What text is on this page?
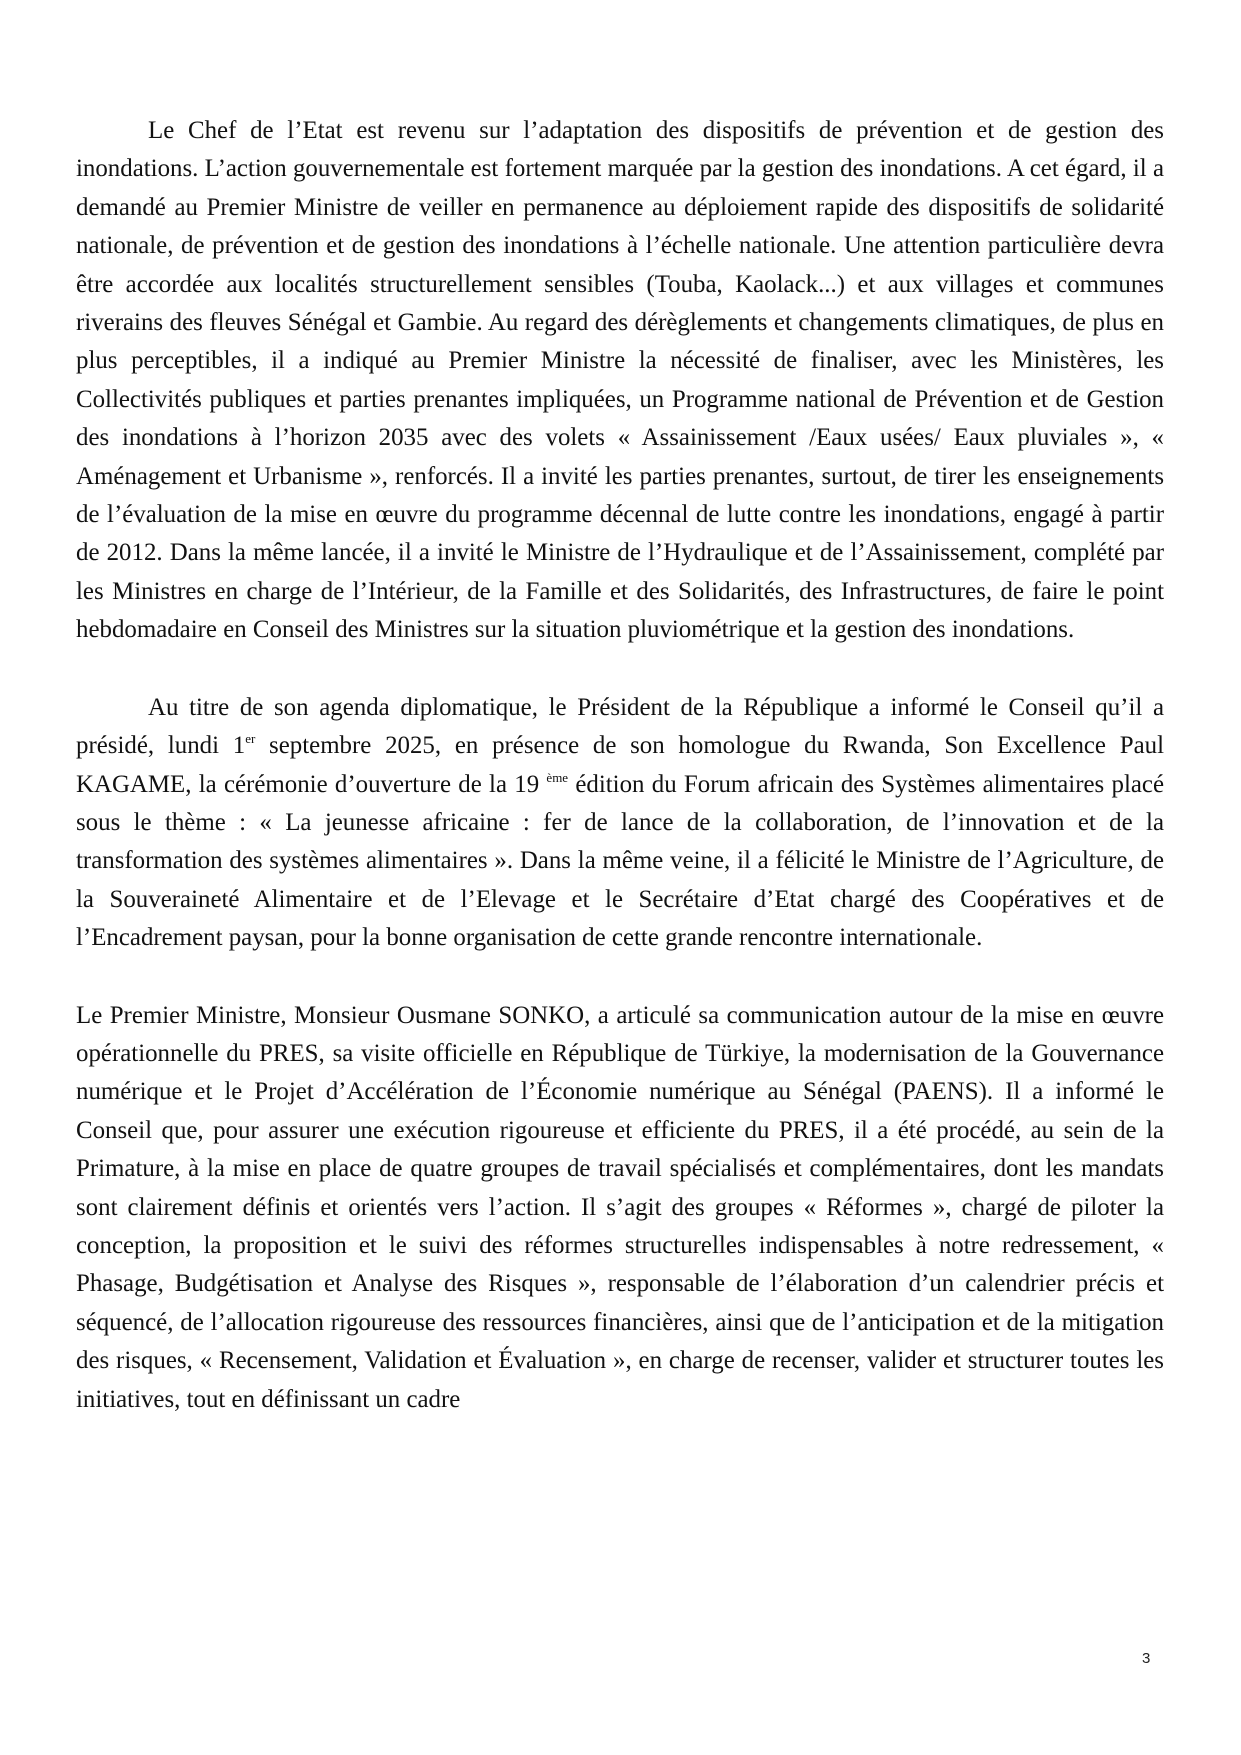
Le Chef de l’Etat est revenu sur l’adaptation des dispositifs de prévention et de gestion des inondations. L’action gouvernementale est fortement marquée par la gestion des inondations. A cet égard, il a demandé au Premier Ministre de veiller en permanence au déploiement rapide des dispositifs de solidarité nationale, de prévention et de gestion des inondations à l’échelle nationale. Une attention particulière devra être accordée aux localités structurellement sensibles (Touba, Kaolack...) et aux villages et communes riverains des fleuves Sénégal et Gambie. Au regard des dérèglements et changements climatiques, de plus en plus perceptibles, il a indiqué au Premier Ministre la nécessité de finaliser, avec les Ministères, les Collectivités publiques et parties prenantes impliquées, un Programme national de Prévention et de Gestion des inondations à l’horizon 2035 avec des volets « Assainissement /Eaux usées/ Eaux pluviales », « Aménagement et Urbanisme », renforcés. Il a invité les parties prenantes, surtout, de tirer les enseignements de l’évaluation de la mise en œuvre du programme décennal de lutte contre les inondations, engagé à partir de 2012. Dans la même lancée, il a invité le Ministre de l’Hydraulique et de l’Assainissement, complété par les Ministres en charge de l’Intérieur, de la Famille et des Solidarités, des Infrastructures, de faire le point hebdomadaire en Conseil des Ministres sur la situation pluviométrique et la gestion des inondations.

Au titre de son agenda diplomatique, le Président de la République a informé le Conseil qu’il a présidé, lundi 1er septembre 2025, en présence de son homologue du Rwanda, Son Excellence Paul KAGAME, la cérémonie d’ouverture de la 19 $^{ème}$ édition du Forum africain des Systèmes alimentaires placé sous le thème : « La jeunesse africaine : fer de lance de la collaboration, de l’innovation et de la transformation des systèmes alimentaires ». Dans la même veine, il a félicité le Ministre de l’Agriculture, de la Souveraineté Alimentaire et de l’Elevage et le Secrétaire d’Etat chargé des Coopératives et de l’Encadrement paysan, pour la bonne organisation de cette grande rencontre internationale.

Le Premier Ministre, Monsieur Ousmane SONKO, a articulé sa communication autour de la mise en œuvre opérationnelle du PRES, sa visite officielle en République de Türkiye, la modernisation de la Gouvernance numérique et le Projet d’Accélération de l’Économie numérique au Sénégal (PAENS). Il a informé le Conseil que, pour assurer une exécution rigoureuse et efficiente du PRES, il a été procédé, au sein de la Primature, à la mise en place de quatre groupes de travail spécialisés et complémentaires, dont les mandats sont clairement définis et orientés vers l’action. Il s’agit des groupes « Réformes », chargé de piloter la conception, la proposition et le suivi des réformes structurelles indispensables à notre redressement, « Phasage, Budgétisation et Analyse des Risques », responsable de l’élaboration d’un calendrier précis et séquencé, de l’allocation rigoureuse des ressources financières, ainsi que de l’anticipation et de la mitigation des risques, « Recensement, Validation et Évaluation », en charge de recenser, valider et structurer toutes les initiatives, tout en définissant un cadre

3
